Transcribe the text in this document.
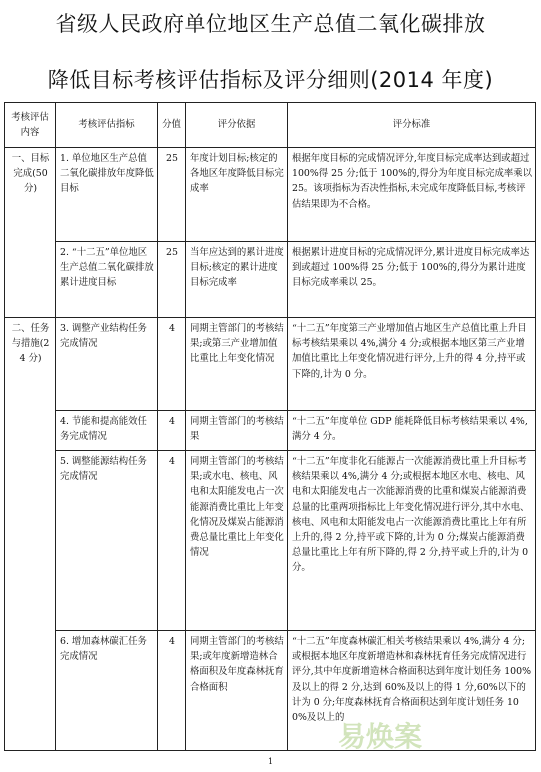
省级人民政府单位地区生产总值二氧化碳排放
降低目标考核评估指标及评分细则(2014 年度)
考核评估内容	考核评估指标	分值	评分依据	评分标准
一、目标完成(50 分)	1. 单位地区生产总值二氧化碳排放年度降低目标	25	年度计划目标;核定的各地区年度降低目标完成率	根据年度目标的完成情况评分,年度目标完成率达到或超过 100%得 25 分;低于 100%的,得分为年度目标完成率乘以 25。该项指标为否决性指标,未完成年度降低目标,考核评估结果即为不合格。
	2. “十二五”单位地区生产总值二氧化碳排放累计进度目标	25	当年应达到的累计进度目标;核定的累计进度目标完成率	根据累计进度目标的完成情况评分,累计进度目标完成率达到或超过 100%得 25 分;低于 100%的,得分为累计进度目标完成率乘以 25。
二、任务与措施(24 分)	3. 调整产业结构任务完成情况	4	同期主管部门的考核结果;或第三产业增加值比重比上年变化情况	“十二五”年度第三产业增加值占地区生产总值比重上升目标考核结果乘以 4%,满分 4 分;或根据本地区第三产业增加值比重比上年变化情况进行评分,上升的得 4 分,持平或下降的,计为 0 分。
	4. 节能和提高能效任务完成情况	4	同期主管部门的考核结果	“十二五”年度单位 GDP 能耗降低目标考核结果乘以 4%,满分 4 分。
	5. 调整能源结构任务完成情况	4	同期主管部门的考核结果;或水电、核电、风电和太阳能发电占一次能源消费比重比上年变化情况及煤炭占能源消费总量比重比上年变化情况	“十二五”年度非化石能源占一次能源消费比重上升目标考核结果乘以 4%,满分 4 分;或根据本地区水电、核电、风电和太阳能发电占一次能源消费的比重和煤炭占能源消费总量的比重两项指标比上年变化情况进行评分,其中水电、核电、风电和太阳能发电占一次能源消费比重比上年有所上升的,得 2 分,持平或下降的,计为 0 分;煤炭占能源消费总量比重比上年有所下降的,得 2 分,持平或上升的,计为 0 分。
	6. 增加森林碳汇任务完成情况	4	同期主管部门的考核结果;或年度新增造林合格面积及年度森林抚育合格面积	“十二五”年度森林碳汇相关考核结果乘以 4%,满分 4 分;或根据本地区年度新增造林和森林抚育任务完成情况进行评分,其中年度新增造林合格面积达到年度计划任务 100%及以上的得 2 分,达到 60%及以上的得 1 分,60%以下的计为 0 分;年度森林抚育合格面积达到年度计划任务 100%及以上的
易焕案
1
